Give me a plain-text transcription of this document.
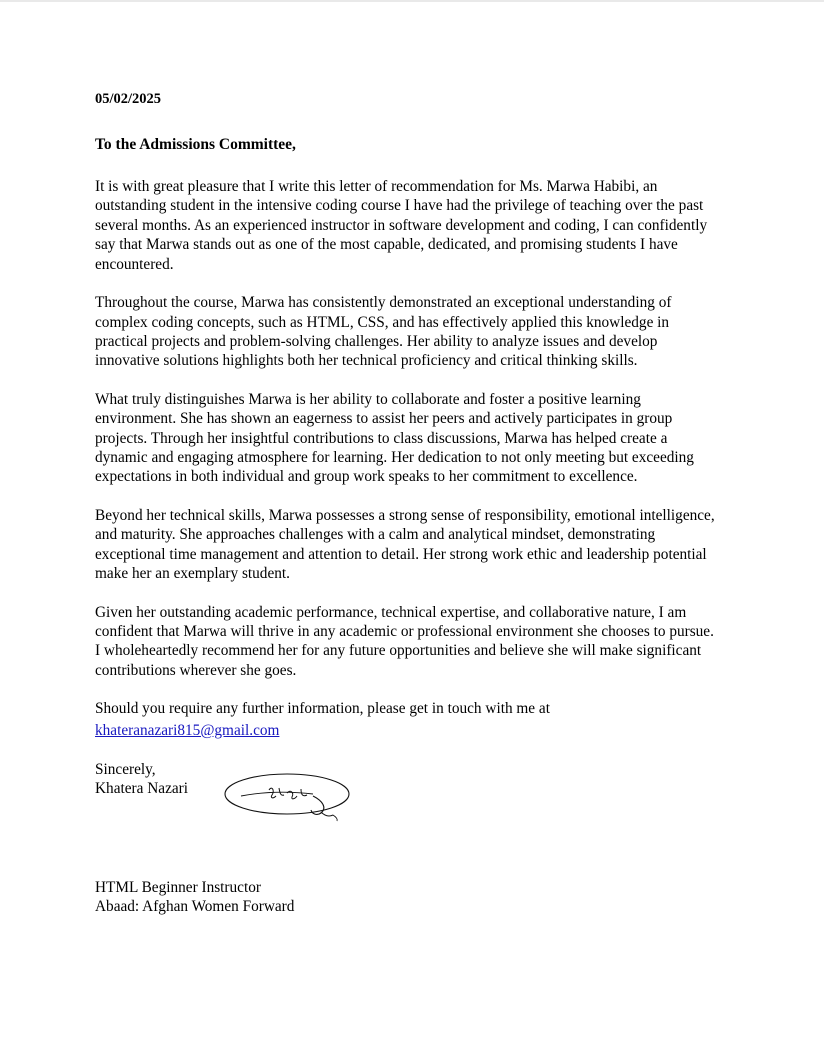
05/02/2025
To the Admissions Committee,

It is with great pleasure that I write this letter of recommendation for Ms. Marwa Habibi, an outstanding student in the intensive coding course I have had the privilege of teaching over the past several months. As an experienced instructor in software development and coding, I can confidently say that Marwa stands out as one of the most capable, dedicated, and promising students I have encountered.

Throughout the course, Marwa has consistently demonstrated an exceptional understanding of complex coding concepts, such as HTML, CSS, and has effectively applied this knowledge in practical projects and problem-solving challenges. Her ability to analyze issues and develop innovative solutions highlights both her technical proficiency and critical thinking skills.

What truly distinguishes Marwa is her ability to collaborate and foster a positive learning environment. She has shown an eagerness to assist her peers and actively participates in group projects. Through her insightful contributions to class discussions, Marwa has helped create a dynamic and engaging atmosphere for learning. Her dedication to not only meeting but exceeding expectations in both individual and group work speaks to her commitment to excellence.

Beyond her technical skills, Marwa possesses a strong sense of responsibility, emotional intelligence, and maturity. She approaches challenges with a calm and analytical mindset, demonstrating exceptional time management and attention to detail. Her strong work ethic and leadership potential make her an exemplary student.

Given her outstanding academic performance, technical expertise, and collaborative nature, I am confident that Marwa will thrive in any academic or professional environment she chooses to pursue. I wholeheartedly recommend her for any future opportunities and believe she will make significant contributions wherever she goes.

Should you require any further information, please get in touch with me at
khateranazari815@gmail.com
Sincerely,
Khatera Nazari
HTML Beginner Instructor
Abaad: Afghan Women Forward
